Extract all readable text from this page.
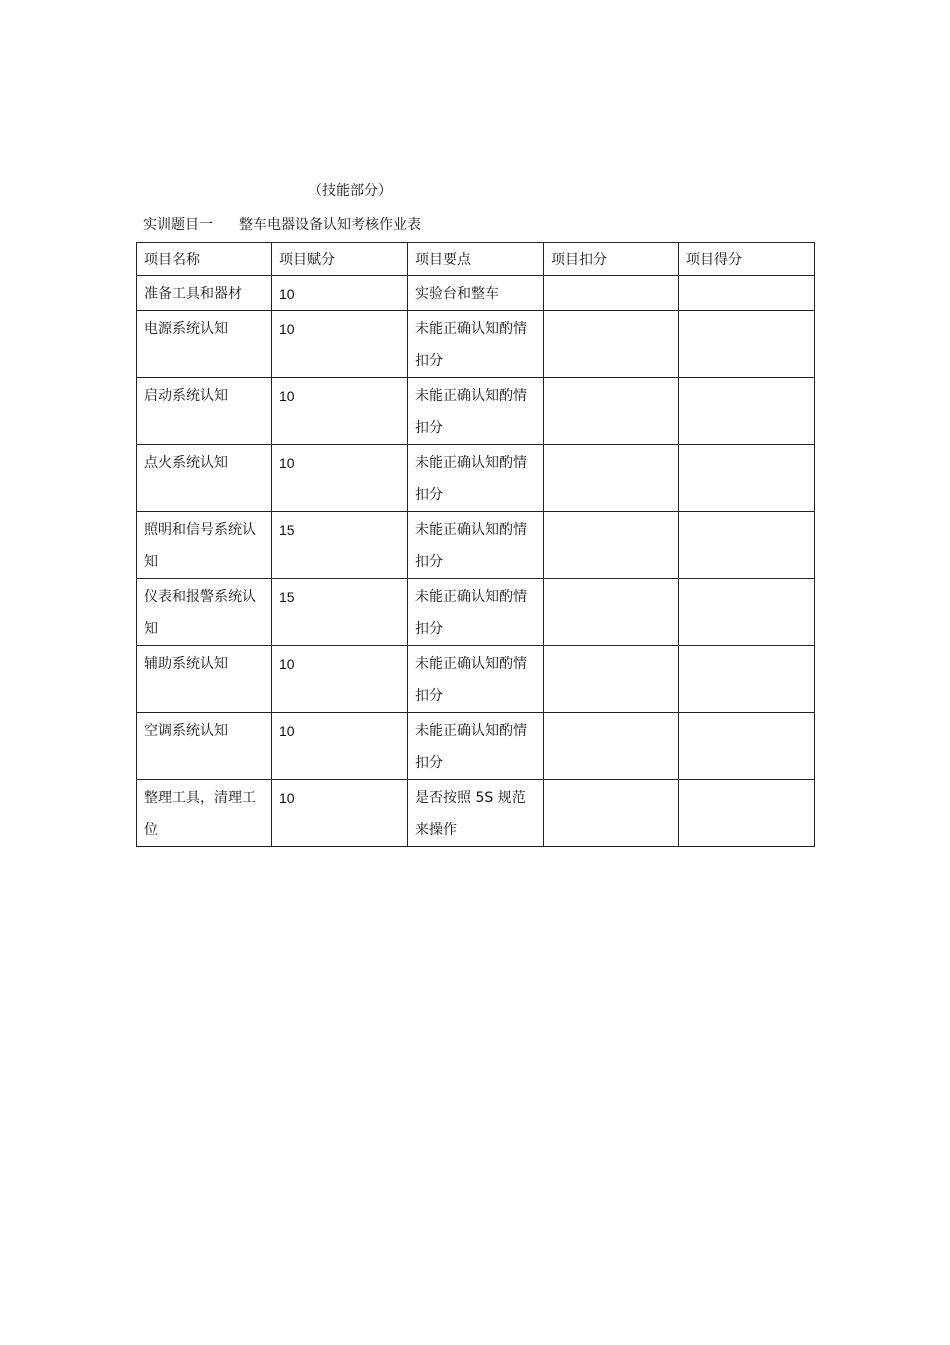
（技能部分）
实训题目一 整车电器设备认知考核作业表
项目名称	项目赋分	项目要点	项目扣分	项目得分
准备工具和器材	10	实验台和整车		
电源系统认知	10	未能正确认知酌情扣分		
启动系统认知	10	未能正确认知酌情扣分		
点火系统认知	10	未能正确认知酌情扣分		
照明和信号系统认知	15	未能正确认知酌情扣分		
仪表和报警系统认知	15	未能正确认知酌情扣分		
辅助系统认知	10	未能正确认知酌情扣分		
空调系统认知	10	未能正确认知酌情扣分		
整理工具，清理工位	10	是否按照 5S 规范来操作		
